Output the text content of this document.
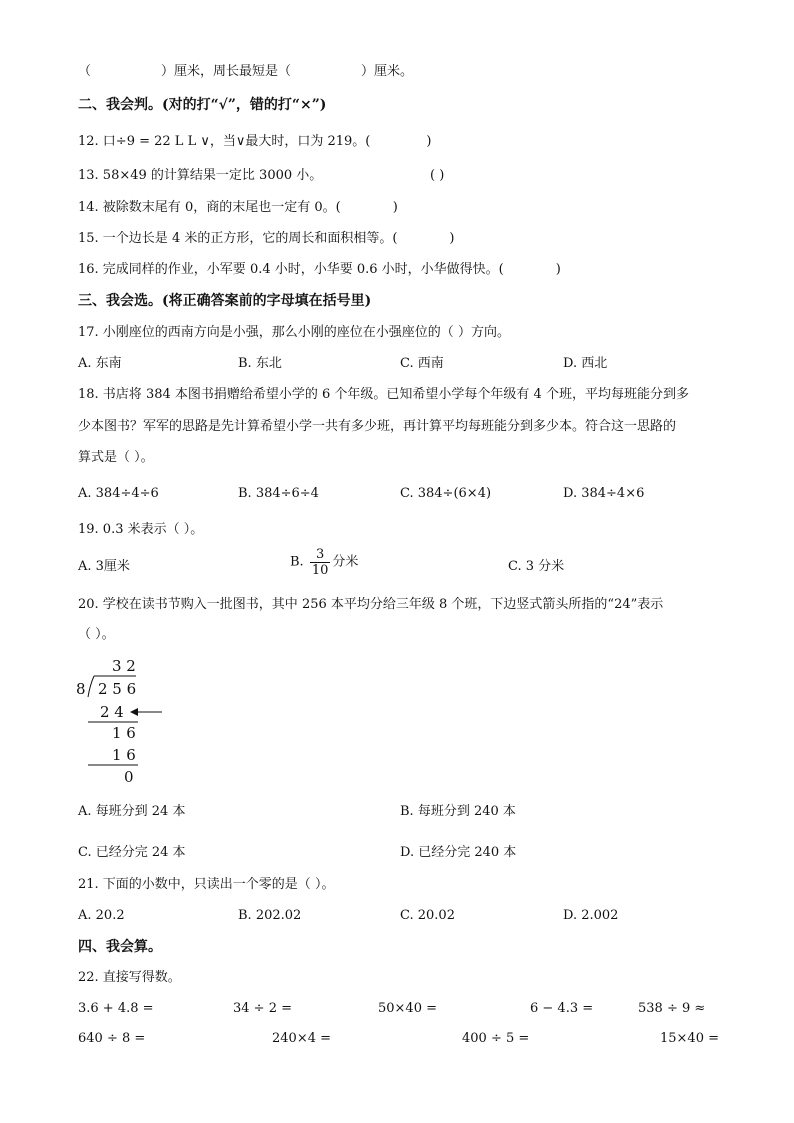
（	）厘米，周长最短是（	）厘米。
二、我会判。(对的打“√”，错的打“×”)
12. 口÷9 = 22 L L ∨，当∨最大时，口为 219。(	)
13. 58×49 的计算结果一定比 3000 小。	( )
14. 被除数末尾有 0，商的末尾也一定有 0。(	)
15. 一个边长是 4 米的正方形，它的周长和面积相等。(	)
16. 完成同样的作业，小军要 0.4 小时，小华要 0.6 小时，小华做得快。(	)
三、我会选。(将正确答案前的字母填在括号里)
17. 小刚座位的西南方向是小强，那么小刚的座位在小强座位的（ ）方向。
A. 东南	B. 东北	C. 西南	D. 西北
18. 书店将 384 本图书捐赠给希望小学的 6 个年级。已知希望小学每个年级有 4 个班，平均每班能分到多
少本图书？军军的思路是先计算希望小学一共有多少班，再计算平均每班能分到多少本。符合这一思路的
算式是（ ）。
A. 384÷4÷6	B. 384÷6÷4	C. 384÷(6×4)	D. 384÷4×6
19. 0.3 米表示（ ）。
A. 3厘米	B. $\frac{3}{10}$ 分米	C. 3 分米
20. 学校在读书节购入一批图书，其中 256 本平均分给三年级 8 个班，下边竖式箭头所指的“24”表示
（ ）。
3 2
8 2 5 6
2 4
1 6
1 6
0
A. 每班分到 24 本	B. 每班分到 240 本
C. 已经分完 24 本	D. 已经分完 240 本
21. 下面的小数中，只读出一个零的是（ ）。
A. 20.2	B. 202.02	C. 20.02	D. 2.002
四、我会算。
22. 直接写得数。
3.6 + 4.8 =	34 ÷ 2 =	50×40 =	6 − 4.3 =	538 ÷ 9 ≈
640 ÷ 8 =	240×4 =	400 ÷ 5 =	15×40 =
